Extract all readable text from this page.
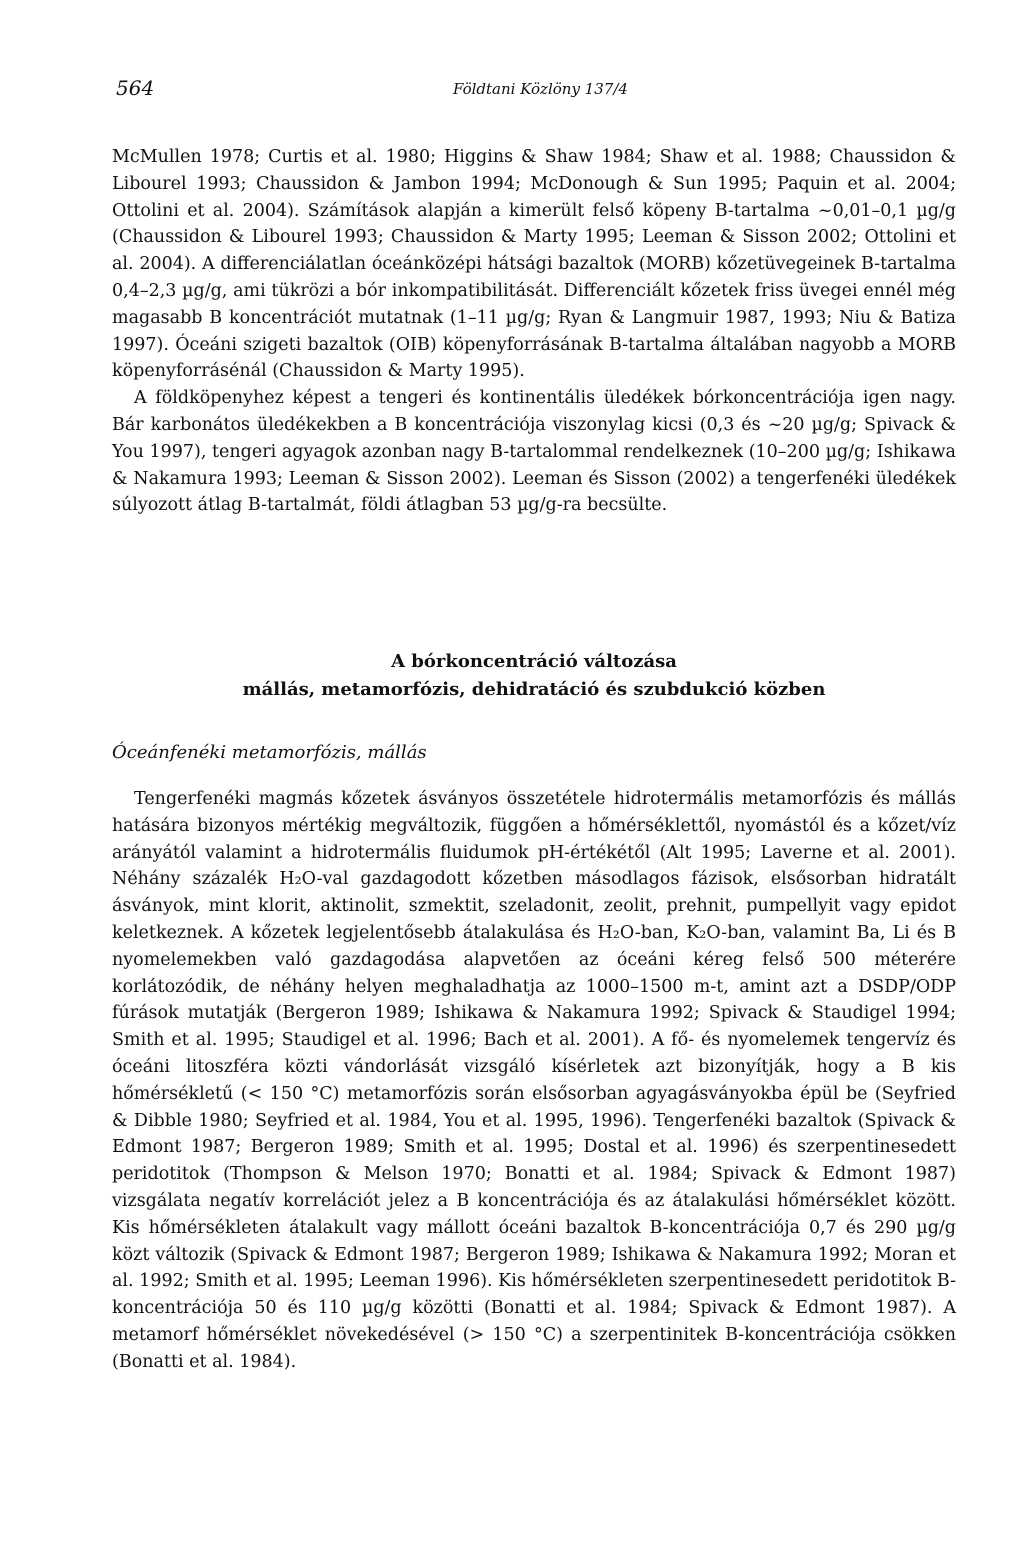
564	Földtani Közlöny 137/4

McMullen 1978; Curtis et al. 1980; Higgins & Shaw 1984; Shaw et al. 1988; Chaussidon & Libourel 1993; Chaussidon & Jambon 1994; McDonough & Sun 1995; Paquin et al. 2004; Ottolini et al. 2004). Számítások alapján a kimerült felső köpeny B-tartalma ~0,01–0,1 µg/g (Chaussidon & Libourel 1993; Chaussidon & Marty 1995; Leeman & Sisson 2002; Ottolini et al. 2004). A differenciálatlan óceánközépi hátsági bazaltok (MORB) kőzetüvegeinek B-tartalma 0,4–2,3 µg/g, ami tükrözi a bór inkompatibilitását. Differenciált kőzetek friss üvegei ennél még magasabb B koncentrációt mutatnak (1–11 µg/g; Ryan & Langmuir 1987, 1993; Niu & Batiza 1997). Óceáni szigeti bazaltok (OIB) köpenyforrásának B-tartalma általában nagyobb a MORB köpenyforrásénál (Chaussidon & Marty 1995).

A földköpenyhez képest a tengeri és kontinentális üledékek bórkoncentrációja igen nagy. Bár karbonátos üledékekben a B koncentrációja viszonylag kicsi (0,3 és ~20 µg/g; Spivack & You 1997), tengeri agyagok azonban nagy B-tartalommal rendelkeznek (10–200 µg/g; Ishikawa & Nakamura 1993; Leeman & Sisson 2002). Leeman és Sisson (2002) a tengerfenéki üledékek súlyozott átlag B-tartalmát, földi átlagban 53 µg/g-ra becsülte.

A bórkoncentráció változása
mállás, metamorfózis, dehidratáció és szubdukció közben
Óceánfenéki metamorfózis, mállás
Tengerfenéki magmás kőzetek ásványos összetétele hidrotermális metamorfózis és mállás hatására bizonyos mértékig megváltozik, függően a hőmérséklettől, nyomástól és a kőzet/víz arányától valamint a hidrotermális fluidumok pH-értékétől (Alt 1995; Laverne et al. 2001). Néhány százalék H₂O-val gazdagodott kőzetben másodlagos fázisok, elsősorban hidratált ásványok, mint klorit, aktinolit, szmektit, szeladonit, zeolit, prehnit, pumpellyit vagy epidot keletkeznek. A kőzetek legjelentősebb átalakulása és H₂O-ban, K₂O-ban, valamint Ba, Li és B nyomelemekben való gazdagodása alapvetően az óceáni kéreg felső 500 méterére korlátozódik, de néhány helyen meghaladhatja az 1000–1500 m-t, amint azt a DSDP/ODP fúrások mutatják (Bergeron 1989; Ishikawa & Nakamura 1992; Spivack & Staudigel 1994; Smith et al. 1995; Staudigel et al. 1996; Bach et al. 2001). A fő- és nyomelemek tengervíz és óceáni litoszféra közti vándorlását vizsgáló kísérletek azt bizonyítják, hogy a B kis hőmérsékletű (< 150 °C) metamorfózis során elsősorban agyagásványokba épül be (Seyfried & Dibble 1980; Seyfried et al. 1984, You et al. 1995, 1996). Tengerfenéki bazaltok (Spivack & Edmont 1987; Bergeron 1989; Smith et al. 1995; Dostal et al. 1996) és szerpentinesedett peridotitok (Thompson & Melson 1970; Bonatti et al. 1984; Spivack & Edmont 1987) vizsgálata negatív korrelációt jelez a B koncentrációja és az átalakulási hőmérséklet között. Kis hőmérsékleten átalakult vagy mállott óceáni bazaltok B-koncentrációja 0,7 és 290 µg/g közt változik (Spivack & Edmont 1987; Bergeron 1989; Ishikawa & Nakamura 1992; Moran et al. 1992; Smith et al. 1995; Leeman 1996). Kis hőmérsékleten szerpentinesedett peridotitok B-koncentrációja 50 és 110 µg/g közötti (Bonatti et al. 1984; Spivack & Edmont 1987). A metamorf hőmérséklet növekedésével (> 150 °C) a szerpentinitek B-koncentrációja csökken (Bonatti et al. 1984).
